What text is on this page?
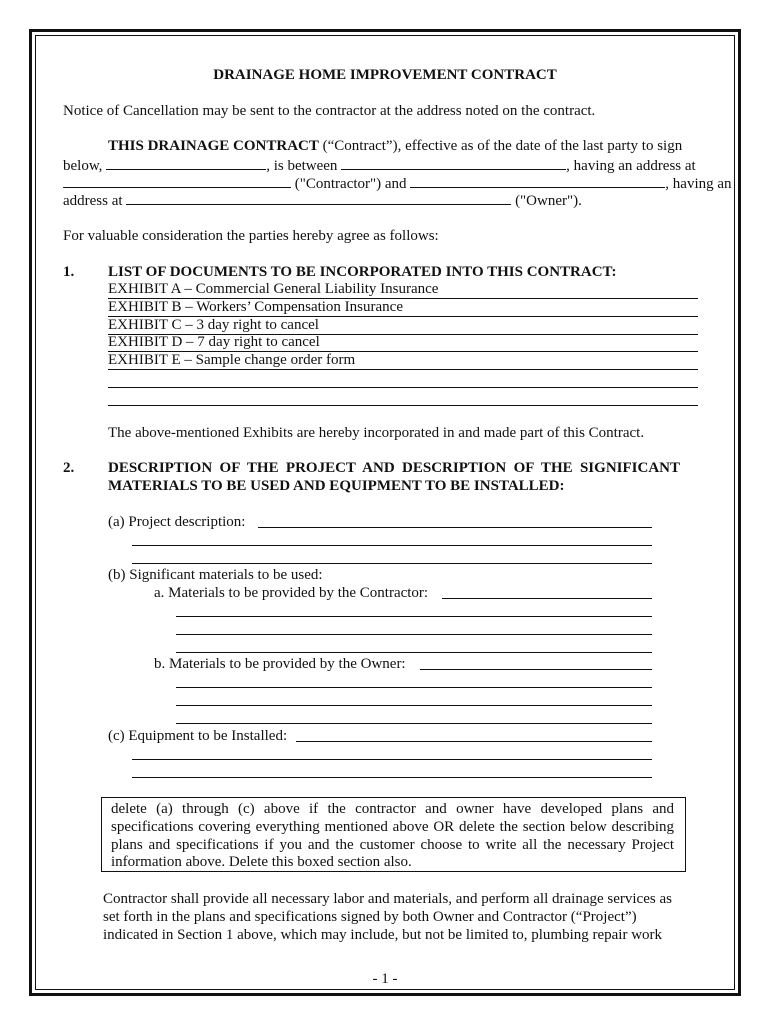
DRAINAGE HOME IMPROVEMENT CONTRACT
Notice of Cancellation may be sent to the contractor at the address noted on the contract.
THIS DRAINAGE CONTRACT (“Contract”), effective as of the date of the last party to sign
below,	, is between	, having an address at
("Contractor") and	, having an
address at	("Owner").
For valuable consideration the parties hereby agree as follows:
1. LIST OF DOCUMENTS TO BE INCORPORATED INTO THIS CONTRACT:
EXHIBIT A – Commercial General Liability Insurance
EXHIBIT B – Workers’ Compensation Insurance
EXHIBIT C – 3 day right to cancel
EXHIBIT D – 7 day right to cancel
EXHIBIT E – Sample change order form
The above-mentioned Exhibits are hereby incorporated in and made part of this Contract.
2. DESCRIPTION OF THE PROJECT AND DESCRIPTION OF THE SIGNIFICANT
MATERIALS TO BE USED AND EQUIPMENT TO BE INSTALLED:
(a) Project description:
(b) Significant materials to be used:
a. Materials to be provided by the Contractor:
b. Materials to be provided by the Owner:
(c) Equipment to be Installed:
delete (a) through (c) above if the contractor and owner have developed plans and
specifications covering everything mentioned above OR delete the section below describing
plans and specifications if you and the customer choose to write all the necessary Project
information above. Delete this boxed section also.
Contractor shall provide all necessary labor and materials, and perform all drainage services as
set forth in the plans and specifications signed by both Owner and Contractor (“Project”)
indicated in Section 1 above, which may include, but not be limited to, plumbing repair work
- 1 -
